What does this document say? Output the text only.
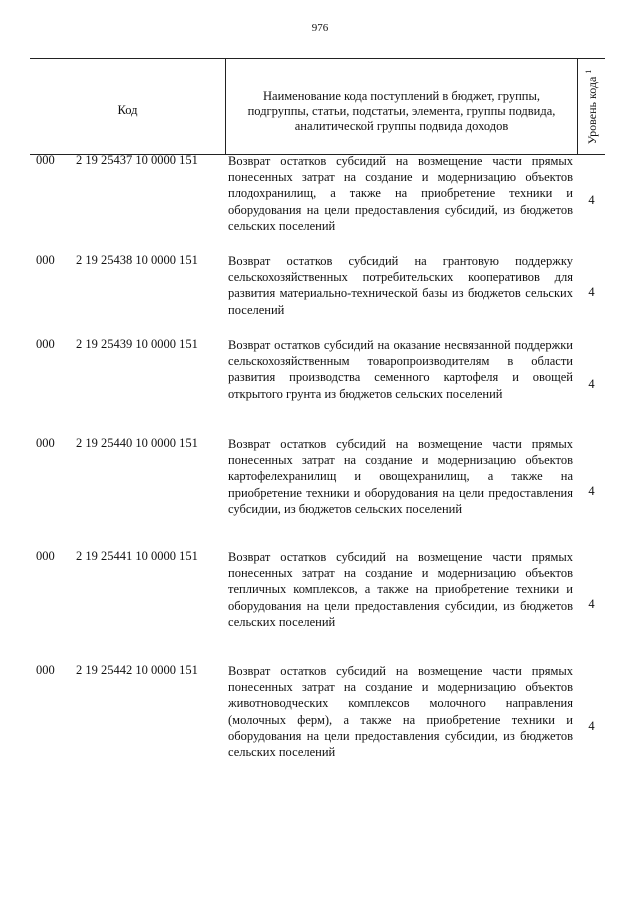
976
Код
Наименование кода поступлений в бюджет, группы, подгруппы, статьи, подстатьи, элемента, группы подвида, аналитической группы подвида доходов	Уровень кода $^1$
000 2 19 25437 10 0000 151 Возврат остатков субсидий на возмещение части прямых понесенных затрат на создание и модернизацию объектов плодохранилищ, а также на приобретение техники и оборудования на цели предоставления субсидий, из бюджетов сельских поселений
4
000 2 19 25438 10 0000 151 Возврат остатков субсидий на грантовую поддержку сельскохозяйственных потребительских кооперативов для развития материально-технической базы из бюджетов сельских поселений
4
000 2 19 25439 10 0000 151 Возврат остатков субсидий на оказание несвязанной поддержки сельскохозяйственным товаропроизводителям в области развития производства семенного картофеля и овощей открытого грунта из бюджетов сельских поселений
4
000 2 19 25440 10 0000 151 Возврат остатков субсидий на возмещение части прямых понесенных затрат на создание и модернизацию объектов картофелехранилищ и овощехранилищ, а также на приобретение техники и оборудования на цели предоставления субсидии, из бюджетов сельских поселений
4
000 2 19 25441 10 0000 151 Возврат остатков субсидий на возмещение части прямых понесенных затрат на создание и модернизацию объектов тепличных комплексов, а также на приобретение техники и оборудования на цели предоставления субсидии, из бюджетов сельских поселений
4
000 2 19 25442 10 0000 151 Возврат остатков субсидий на возмещение части прямых понесенных затрат на создание и модернизацию объектов животноводческих комплексов молочного направления (молочных ферм), а также на приобретение техники и оборудования на цели предоставления субсидии, из бюджетов сельских поселений
4
